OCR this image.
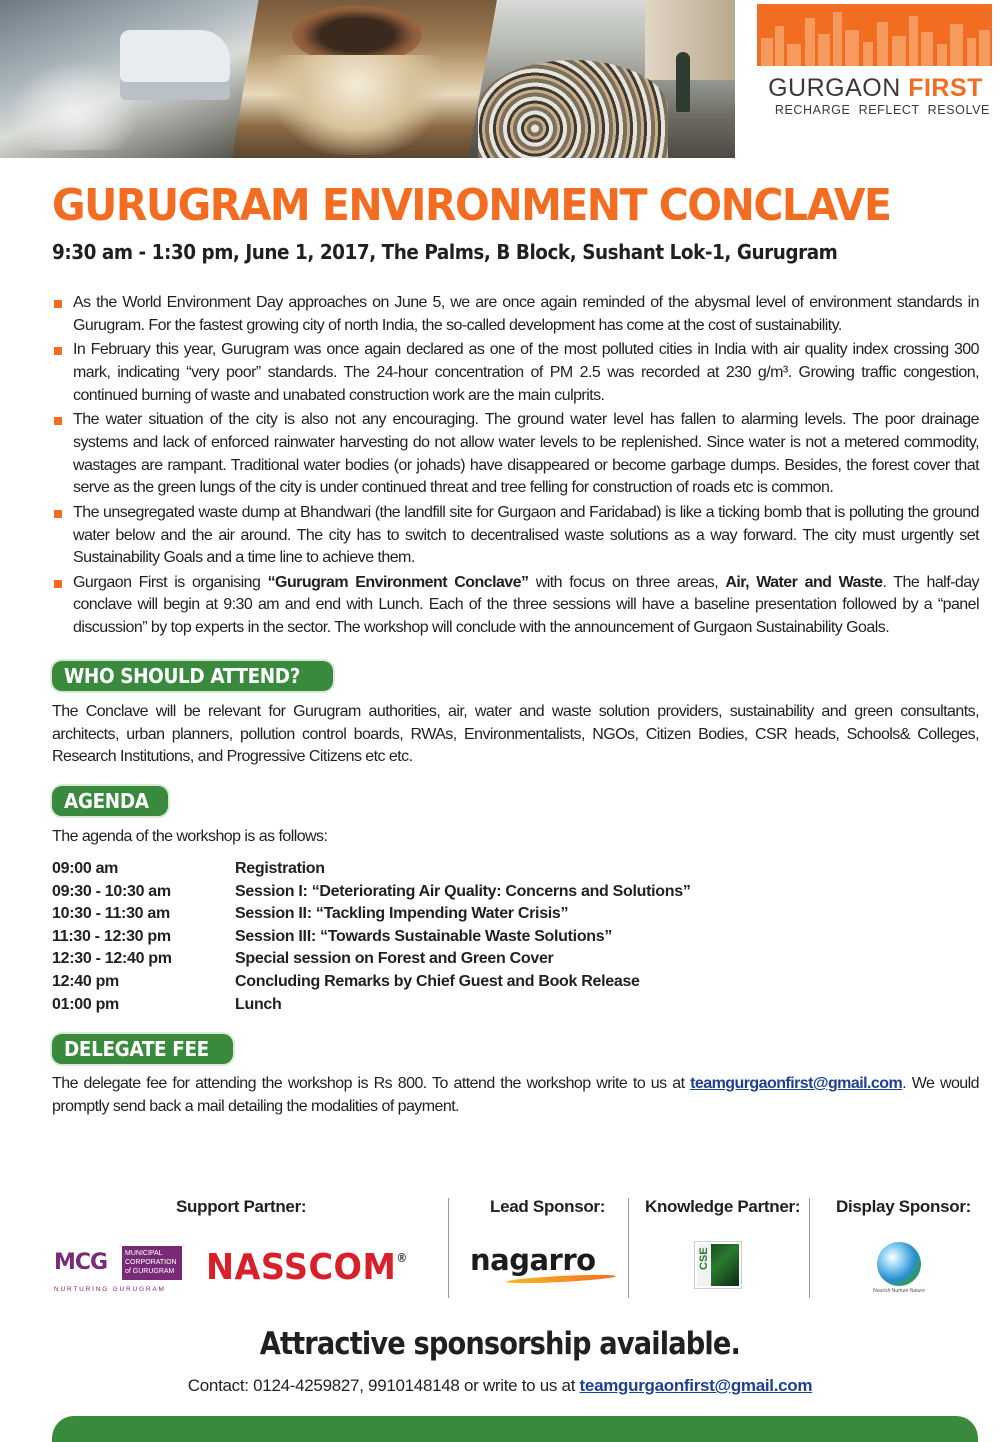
GURGAON FIRST
RECHARGE  REFLECT  RESOLVE
GURUGRAM ENVIRONMENT CONCLAVE
9:30 am - 1:30 pm, June 1, 2017, The Palms, B Block, Sushant Lok-1, Gurugram
As the World Environment Day approaches on June 5, we are once again reminded of the abysmal level of environment standards in Gurugram. For the fastest growing city of north India, the so-called development has come at the cost of sustainability.
In February this year, Gurugram was once again declared as one of the most polluted cities in India with air quality index crossing 300 mark, indicating “very poor” standards. The 24-hour concentration of PM 2.5 was recorded at 230 g/m³. Growing traffic congestion, continued burning of waste and unabated construction work are the main culprits.
The water situation of the city is also not any encouraging. The ground water level has fallen to alarming levels. The poor drainage systems and lack of enforced rainwater harvesting do not allow water levels to be replenished. Since water is not a metered commodity, wastages are rampant. Traditional water bodies (or johads) have disappeared or become garbage dumps. Besides, the forest cover that serve as the green lungs of the city is under continued threat and tree felling for construction of roads etc is common.
The unsegregated waste dump at Bhandwari (the landfill site for Gurgaon and Faridabad) is like a ticking bomb that is polluting the ground water below and the air around. The city has to switch to decentralised waste solutions as a way forward. The city must urgently set Sustainability Goals and a time line to achieve them.
Gurgaon First is organising “Gurugram Environment Conclave” with focus on three areas, Air, Water and Waste. The half-day conclave will begin at 9:30 am and end with Lunch. Each of the three sessions will have a baseline presentation followed by a “panel discussion” by top experts in the sector. The workshop will conclude with the announcement of Gurgaon Sustainability Goals.
WHO SHOULD ATTEND?
The Conclave will be relevant for Gurugram authorities, air, water and waste solution providers, sustainability and green consultants, architects, urban planners, pollution control boards, RWAs, Environmentalists, NGOs, Citizen Bodies, CSR heads, Schools& Colleges, Research Institutions, and Progressive Citizens etc etc.
AGENDA
The agenda of the workshop is as follows:
09:00 am	Registration
09:30 - 10:30 am	Session I: “Deteriorating Air Quality: Concerns and Solutions”
10:30 - 11:30 am	Session II: “Tackling Impending Water Crisis”
11:30 - 12:30 pm	Session III: “Towards Sustainable Waste Solutions”
12:30 - 12:40 pm	Special session on Forest and Green Cover
12:40 pm	Concluding Remarks by Chief Guest and Book Release
01:00 pm	Lunch
DELEGATE FEE
The delegate fee for attending the workshop is Rs 800. To attend the workshop write to us at teamgurgaonfirst@gmail.com. We would promptly send back a mail detailing the modalities of payment.
Support Partner:	Lead Sponsor: Knowledge Partner: Display Sponsor:
MCG	MUNICIPAL
CORPORATION
of GURUGRAM
NURTURING GURUGRAM
NASSCOM® nagarro	CSE
Nourish Nurture Nature
Attractive sponsorship available.
Contact: 0124-4259827, 9910148148 or write to us at teamgurgaonfirst@gmail.com
